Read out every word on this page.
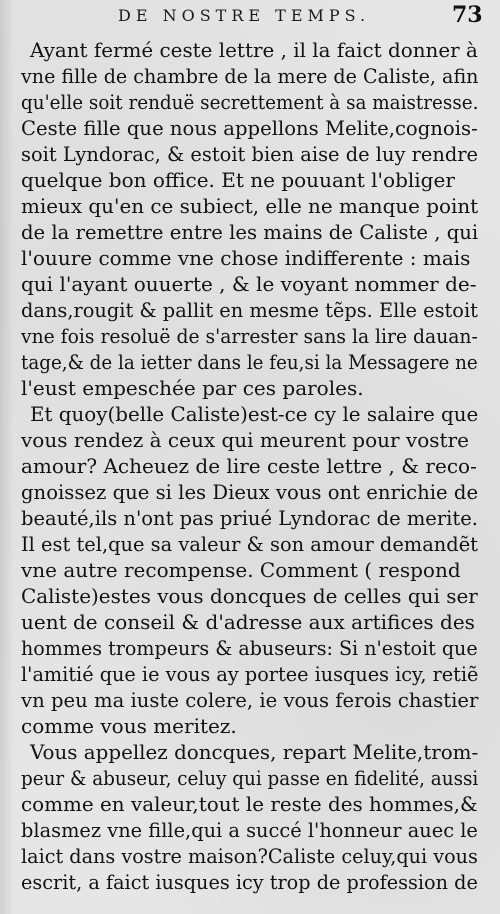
DE NOSTRE TEMPS.	73
Ayant fermé ceste lettre , il la faict donner à
vne fille de chambre de la mere de Caliste, afin
qu'elle soit renduë secrettement à sa maistresse.
Ceste fille que nous appellons Melite,cognois-
soit Lyndorac, & estoit bien aise de luy rendre
quelque bon office. Et ne pouuant l'obliger
mieux qu'en ce subiect, elle ne manque point
de la remettre entre les mains de Caliste , qui
l'ouure comme vne chose indifferente : mais
qui l'ayant ouuerte , & le voyant nommer de-
dans,rougit & pallit en mesme tẽps. Elle estoit
vne fois resoluë de s'arrester sans la lire dauan-
tage,& de la ietter dans le feu,si la Messagere ne
l'eust empeschée par ces paroles.
Et quoy(belle Caliste)est-ce cy le salaire que
vous rendez à ceux qui meurent pour vostre
amour? Acheuez de lire ceste lettre , & reco-
gnoissez que si les Dieux vous ont enrichie de
beauté,ils n'ont pas priué Lyndorac de merite.
Il est tel,que sa valeur & son amour demandẽt
vne autre recompense. Comment ( respond
Caliste)estes vous doncques de celles qui ser
uent de conseil & d'adresse aux artifices des
hommes trompeurs & abuseurs: Si n'estoit que
l'amitié que ie vous ay portee iusques icy, retiẽ
vn peu ma iuste colere, ie vous ferois chastier
comme vous meritez.
Vous appellez doncques, repart Melite,trom-
peur & abuseur, celuy qui passe en fidelité, aussi
comme en valeur,tout le reste des hommes,&
blasmez vne fille,qui a succé l'honneur auec le
laict dans vostre maison?Caliste celuy,qui vous
escrit, a faict iusques icy trop de profession de
